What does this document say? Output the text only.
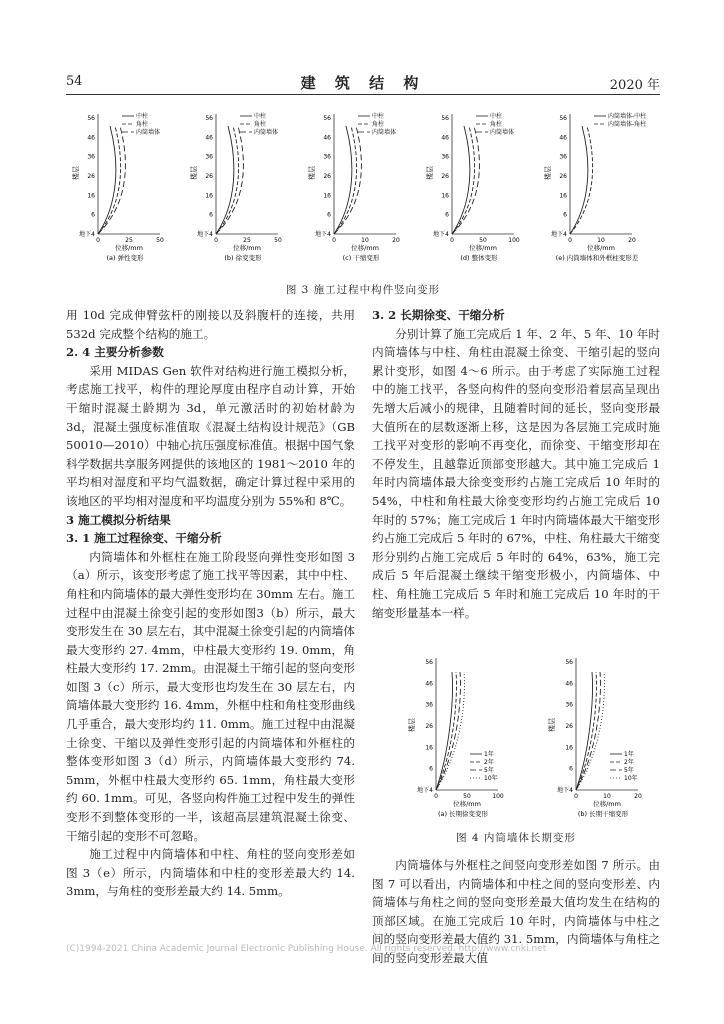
54	建 筑 结 构	2020 年
56
46
36
26
16
6
地下4
楼层
0	25	50
位移/mm
(a) 弹性变形
中柱
角柱
内筒墙体
56
46
36
26
16
6
地下4
楼层
0	25	50
位移/mm
(b) 徐变变形
中柱
角柱
内筒墙体
56
46
36
26
16
6
地下4
楼层
0	10	20
位移/mm
(c) 干缩变形
中柱
角柱
内筒墙体
56
46
36
26
16
6
地下4
楼层
0	50	100
位移/mm
(d) 整体变形
中柱
角柱
内筒墙体
56
46
36
26
16
6
地下4
楼层
0	10	20
位移/mm
(e) 内筒墙体和外框柱变形差
内筒墙体-中柱
内筒墙体-角柱
图 3 施工过程中构件竖向变形

用 10d 完成伸臂弦杆的刚接以及斜腹杆的连接，共用 532d 完成整个结构的施工。

2. 4 主要分析参数

采用 MIDAS Gen 软件对结构进行施工模拟分析，考虑施工找平，构件的理论厚度由程序自动计算，开始干缩时混凝土龄期为 3d，单元激活时的初始材龄为 3d，混凝土强度标准值取《混凝土结构设计规范》（GB 50010—2010）中轴心抗压强度标准值。根据中国气象科学数据共享服务网提供的该地区的 1981～2010 年的平均相对湿度和平均气温数据，确定计算过程中采用的该地区的平均相对湿度和平均温度分别为 55%和 8℃。

3 施工模拟分析结果

3. 1 施工过程徐变、干缩分析

内筒墙体和外框柱在施工阶段竖向弹性变形如图 3（a）所示，该变形考虑了施工找平等因素，其中中柱、角柱和内筒墙体的最大弹性变形均在 30mm 左右。施工过程中由混凝土徐变引起的变形如图3（b）所示，最大变形发生在 30 层左右，其中混凝土徐变引起的内筒墙体最大变形约 27. 4mm，中柱最大变形约 19. 0mm，角柱最大变形约 17. 2mm。由混凝土干缩引起的竖向变形如图 3（c）所示，最大变形也均发生在 30 层左右，内筒墙体最大变形约 16. 4mm，外框中柱和角柱变形曲线几乎重合，最大变形均约 11. 0mm。施工过程中由混凝土徐变、干缩以及弹性变形引起的内筒墙体和外框柱的整体变形如图 3（d）所示，内筒墙体最大变形约 74. 5mm，外框中柱最大变形约 65. 1mm，角柱最大变形约 60. 1mm。可见，各竖向构件施工过程中发生的弹性变形不到整体变形的一半，该超高层建筑混凝土徐变、干缩引起的变形不可忽略。

施工过程中内筒墙体和中柱、角柱的竖向变形差如图 3（e）所示，内筒墙体和中柱的变形差最大约 14. 3mm，与角柱的变形差最大约 14. 5mm。

3. 2 长期徐变、干缩分析

分别计算了施工完成后 1 年、2 年、5 年、10 年时内筒墙体与中柱、角柱由混凝土徐变、干缩引起的竖向累计变形，如图 4～6 所示。由于考虑了实际施工过程中的施工找平，各竖向构件的竖向变形沿着层高呈现出先增大后减小的规律，且随着时间的延长，竖向变形最大值所在的层数逐渐上移，这是因为各层施工完成时施工找平对变形的影响不再变化，而徐变、干缩变形却在不停发生，且越靠近顶部变形越大。其中施工完成后 1 年时内筒墙体最大徐变变形约占施工完成后 10 年时的 54%，中柱和角柱最大徐变变形均约占施工完成后 10 年时的 57%；施工完成后 1 年时内筒墙体最大干缩变形约占施工完成后 5 年时的 67%，中柱、角柱最大干缩变形分别约占施工完成后 5 年时的 64%，63%，施工完成后 5 年后混凝土继续干缩变形极小，内筒墙体、中柱、角柱施工完成后 5 年时和施工完成后 10 年时的干缩变形量基本一样。

56
46
36
26
16
6
地下4
楼层
0	50	100
位移/mm
(a) 长期徐变变形
1年
2年
5年
10年
56
46
36
26
16
6
地下4
楼层
0	10	20
位移/mm
(b) 长期干缩变形
1年
2年
5年
10年
图 4 内筒墙体长期变形

内筒墙体与外框柱之间竖向变形差如图 7 所示。由图 7 可以看出，内筒墙体和中柱之间的竖向变形差、内筒墙体与角柱之间的竖向变形差最大值均发生在结构的顶部区域。在施工完成后 10 年时，内筒墙体与中柱之间的竖向变形差最大值约 31. 5mm，内筒墙体与角柱之间的竖向变形差最大值

(C)1994-2021 China Academic Journal Electronic Publishing House. All rights reserved. http://www.cnki.net
